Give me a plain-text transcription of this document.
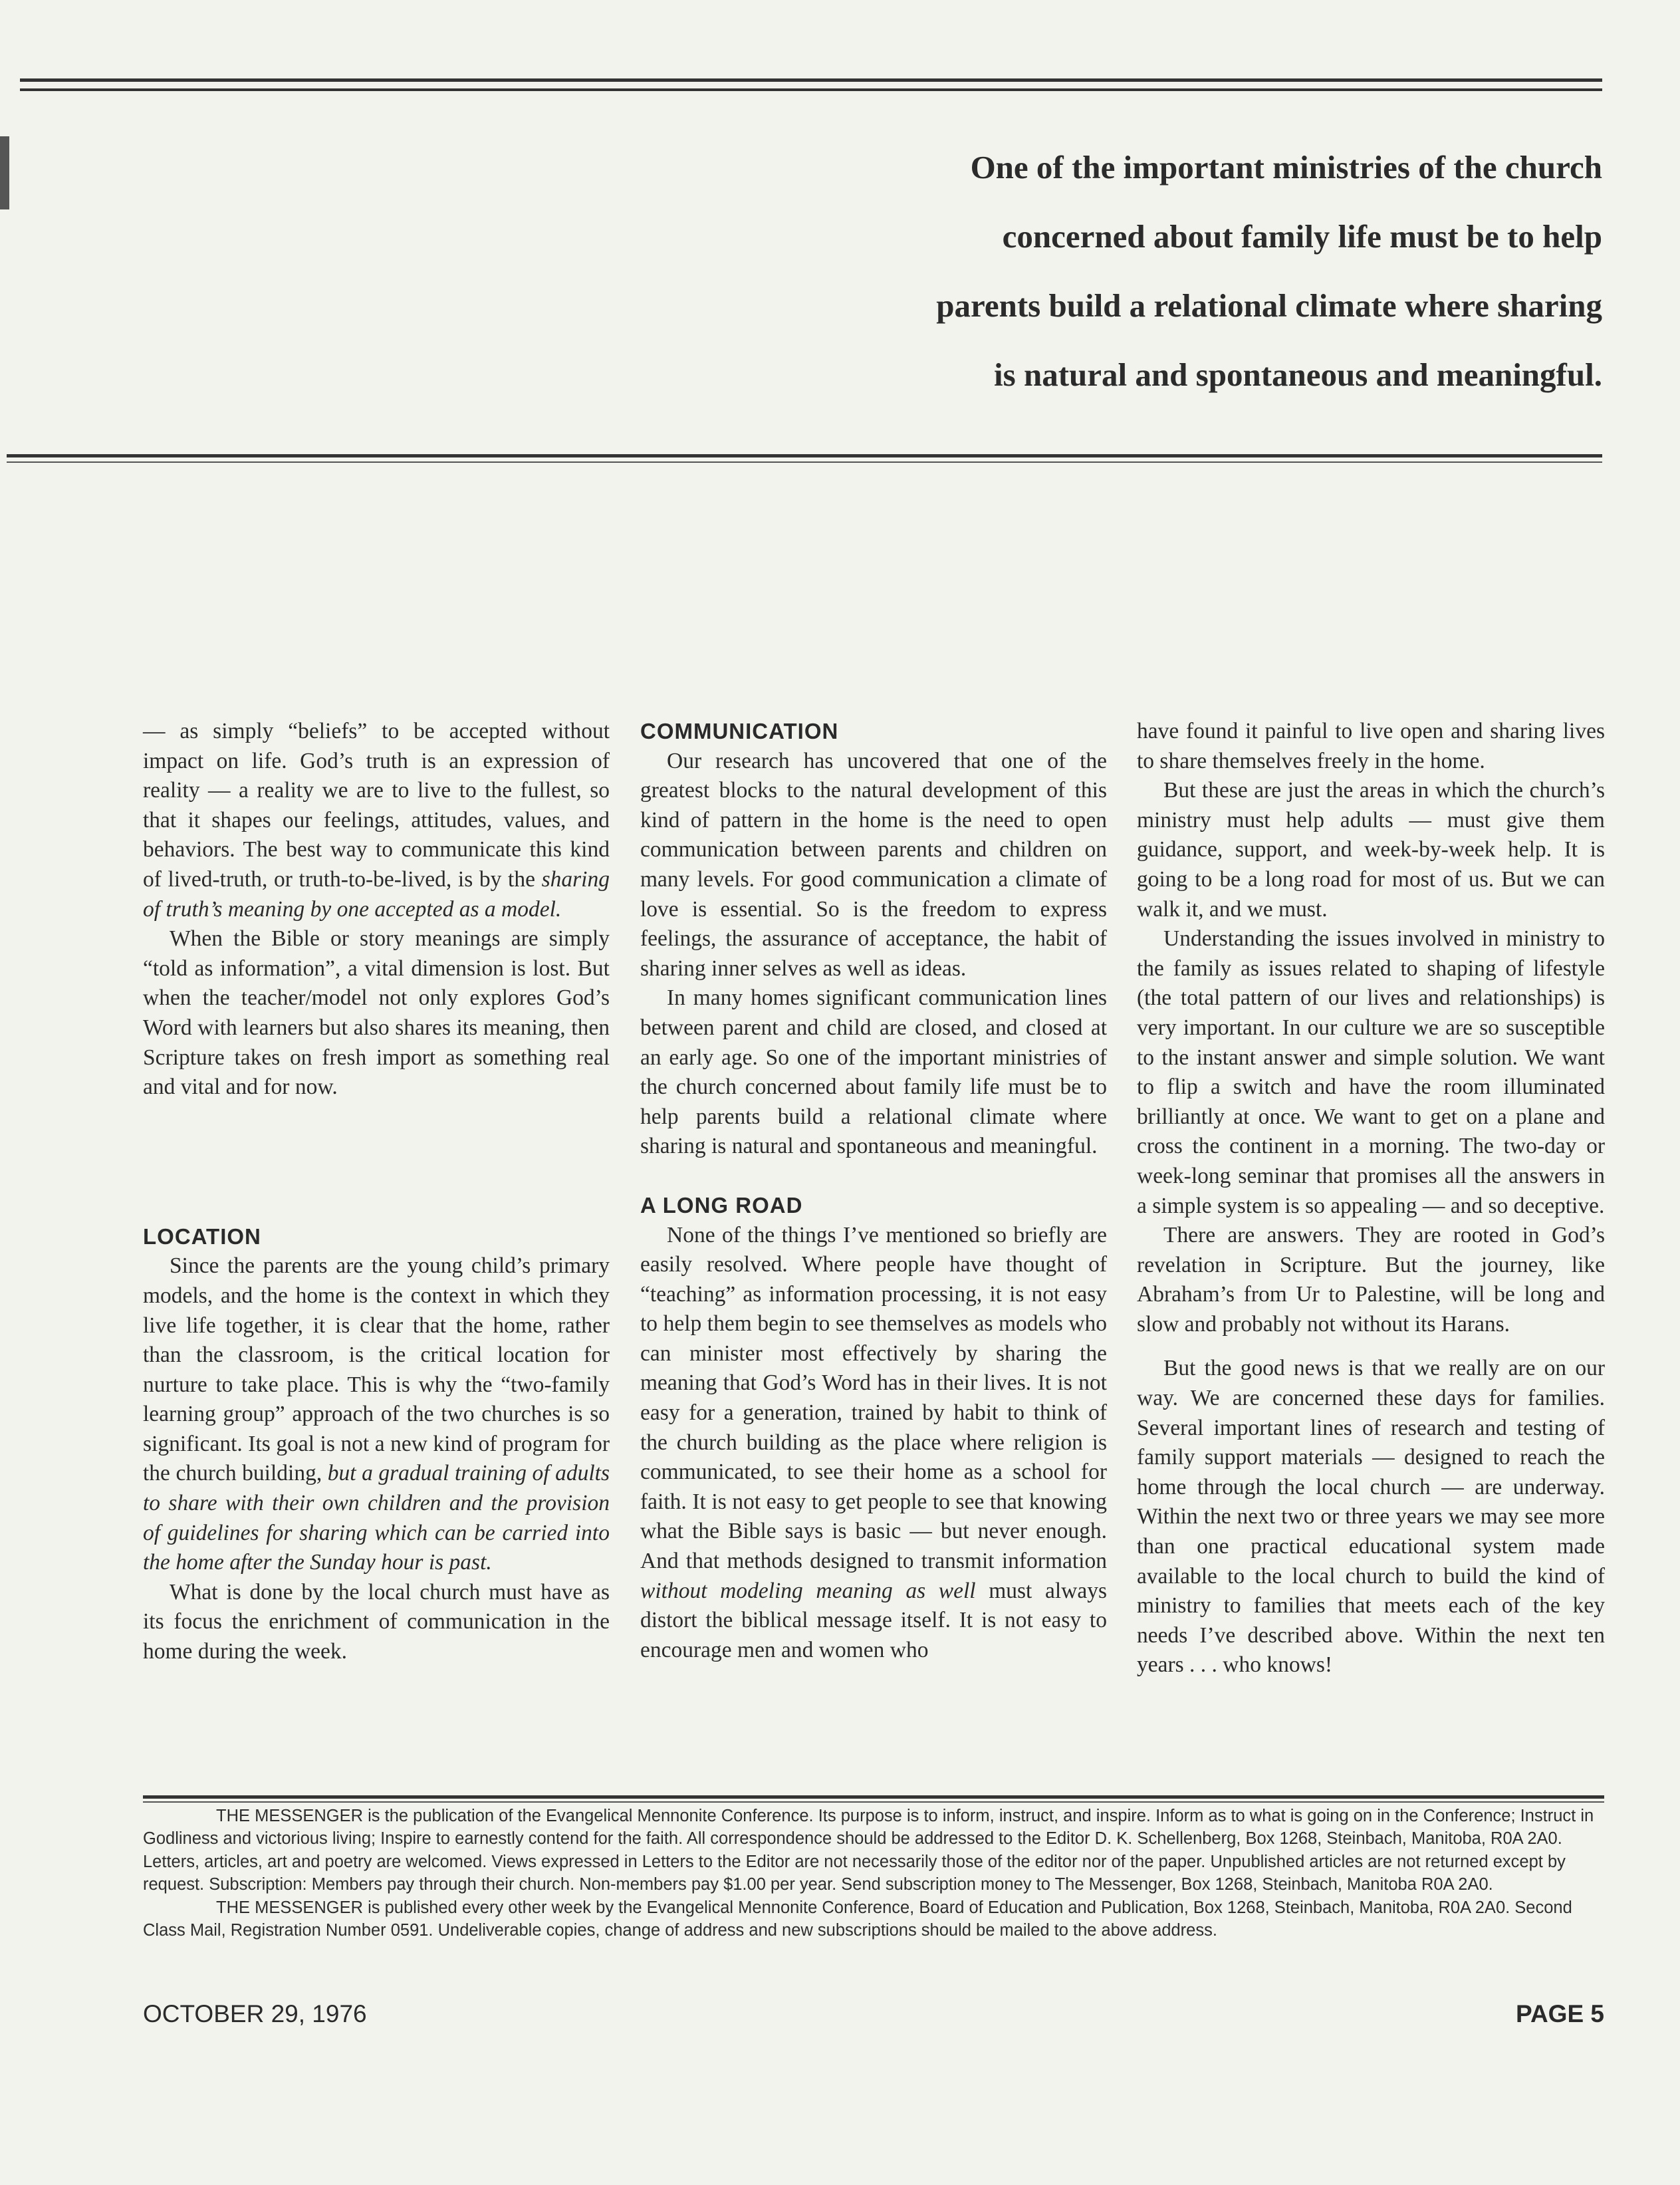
One of the important ministries of the church
concerned about family life must be to help
parents build a relational climate where sharing
is natural and spontaneous and meaningful.

— as simply “beliefs” to be accepted without impact on life. God’s truth is an expression of reality — a reality we are to live to the fullest, so that it shapes our feelings, attitudes, values, and behaviors. The best way to communicate this kind of lived-truth, or truth-to-be-lived, is by the sharing of truth’s meaning by one accepted as a model.

When the Bible or story meanings are simply “told as information”, a vital dimension is lost. But when the teacher/model not only explores God’s Word with learners but also shares its meaning, then Scripture takes on fresh import as something real and vital and for now.

LOCATION

Since the parents are the young child’s primary models, and the home is the context in which they live life together, it is clear that the home, rather than the classroom, is the critical location for nurture to take place. This is why the “two-family learning group” approach of the two churches is so significant. Its goal is not a new kind of program for the church building, but a gradual training of adults to share with their own children and the provision of guidelines for sharing which can be carried into the home after the Sunday hour is past.

What is done by the local church must have as its focus the enrichment of communication in the home during the week.

COMMUNICATION

Our research has uncovered that one of the greatest blocks to the natural development of this kind of pattern in the home is the need to open communication between parents and children on many levels. For good communication a climate of love is essential. So is the freedom to express feelings, the assurance of acceptance, the habit of sharing inner selves as well as ideas.

In many homes significant communication lines between parent and child are closed, and closed at an early age. So one of the important ministries of the church concerned about family life must be to help parents build a relational climate where sharing is natural and spontaneous and meaningful.

A LONG ROAD

None of the things I’ve mentioned so briefly are easily resolved. Where people have thought of “teaching” as information processing, it is not easy to help them begin to see themselves as models who can minister most effectively by sharing the meaning that God’s Word has in their lives. It is not easy for a generation, trained by habit to think of the church building as the place where religion is communicated, to see their home as a school for faith. It is not easy to get people to see that knowing what the Bible says is basic — but never enough. And that methods designed to transmit information without modeling meaning as well must always distort the biblical message itself. It is not easy to encourage men and women who

have found it painful to live open and sharing lives to share themselves freely in the home.

But these are just the areas in which the church’s ministry must help adults — must give them guidance, support, and week-by-week help. It is going to be a long road for most of us. But we can walk it, and we must.

Understanding the issues involved in ministry to the family as issues related to shaping of lifestyle (the total pattern of our lives and relationships) is very important. In our culture we are so susceptible to the instant answer and simple solution. We want to flip a switch and have the room illuminated brilliantly at once. We want to get on a plane and cross the continent in a morning. The two-day or week-long seminar that promises all the answers in a simple system is so appealing — and so deceptive.

There are answers. They are rooted in God’s revelation in Scripture. But the journey, like Abraham’s from Ur to Palestine, will be long and slow and probably not without its Harans.

But the good news is that we really are on our way. We are concerned these days for families. Several important lines of research and testing of family support materials — designed to reach the home through the local church — are underway. Within the next two or three years we may see more than one practical educational system made available to the local church to build the kind of ministry to families that meets each of the key needs I’ve described above. Within the next ten years . . . who knows!

THE MESSENGER is the publication of the Evangelical Mennonite Conference. Its purpose is to inform, instruct, and inspire. Inform as to what is going on in the Conference; Instruct in Godliness and victorious living; Inspire to earnestly contend for the faith. All correspondence should be addressed to the Editor D. K. Schellenberg, Box 1268, Steinbach, Manitoba, R0A 2A0. Letters, articles, art and poetry are welcomed. Views expressed in Letters to the Editor are not necessarily those of the editor nor of the paper. Unpublished articles are not returned except by request. Subscription: Members pay through their church. Non-members pay $1.00 per year. Send subscription money to The Messenger, Box 1268, Steinbach, Manitoba R0A 2A0.

THE MESSENGER is published every other week by the Evangelical Mennonite Conference, Board of Education and Publication, Box 1268, Steinbach, Manitoba, R0A 2A0. Second Class Mail, Registration Number 0591. Undeliverable copies, change of address and new subscriptions should be mailed to the above address.

OCTOBER 29, 1976	PAGE 5
